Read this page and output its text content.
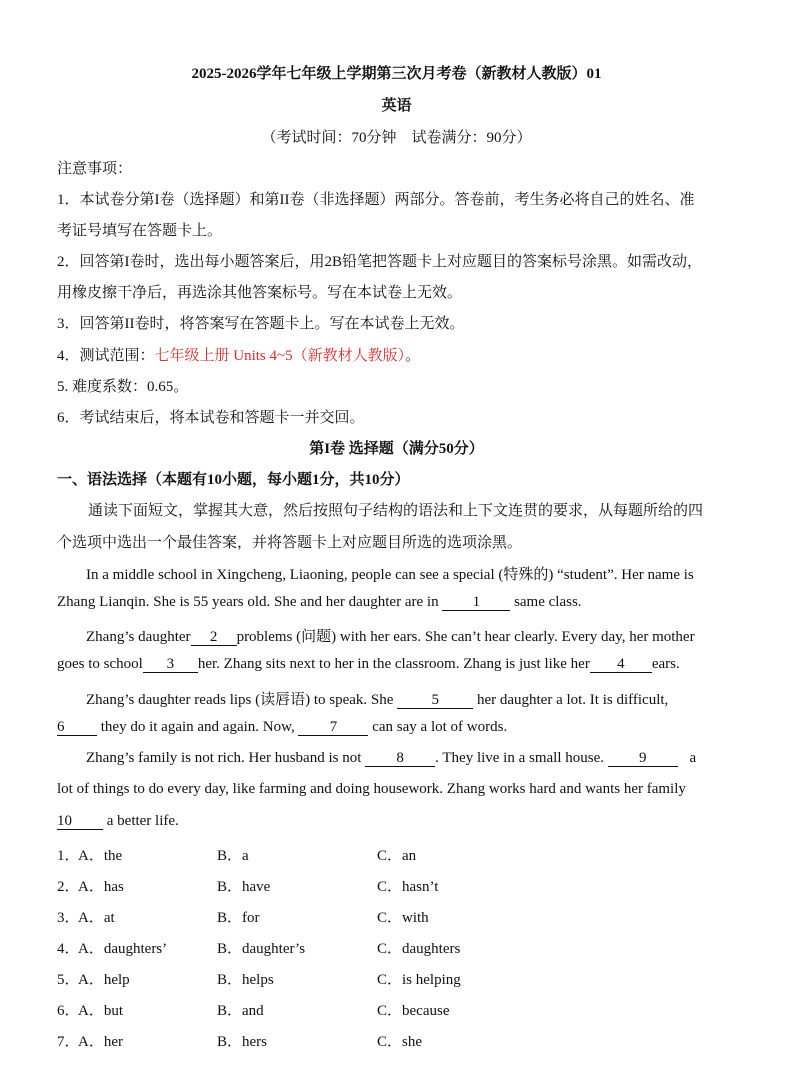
2025-2026学年七年级上学期第三次月考卷（新教材人教版）01
英语
（考试时间：70分钟　试卷满分：90分）
注意事项：
1．本试卷分第I卷（选择题）和第II卷（非选择题）两部分。答卷前，考生务必将自己的姓名、准
考证号填写在答题卡上。
2．回答第I卷时，选出每小题答案后，用2B铅笔把答题卡上对应题目的答案标号涂黑。如需改动，
用橡皮擦干净后，再选涂其他答案标号。写在本试卷上无效。
3．回答第II卷时，将答案写在答题卡上。写在本试卷上无效。
4．测试范围：七年级上册 Units 4~5（新教材人教版）。
5. 难度系数：0.65。
6．考试结束后，将本试卷和答题卡一并交回。
第I卷 选择题（满分50分）
一、语法选择（本题有10小题，每小题1分，共10分）
通读下面短文，掌握其大意，然后按照句子结构的语法和上下文连贯的要求，从每题所给的四
个选项中选出一个最佳答案，并将答题卡上对应题目所选的选项涂黑。
In a middle school in Xingcheng, Liaoning, people can see a special (特殊的) “student”. Her name is
Zhang Lianqin. She is 55 years old. She and her daughter are in 1 same class.
Zhang’s daughter 2 problems (问题) with her ears. She can’t hear clearly. Every day, her mother
goes to school 3 her. Zhang sits next to her in the classroom. Zhang is just like her 4 ears.
Zhang’s daughter reads lips (读唇语) to speak. She 5 her daughter a lot. It is difficult,
6 they do it again and again. Now, 7 can say a lot of words.
Zhang’s family is not rich. Her husband is not 8 . They live in a small house. 9	a
lot of things to do every day, like farming and doing housework. Zhang works hard and wants her family
10 a better life.
1．
A．the	B．a	C．an
2．
A．has	B．have	C．hasn’t
3．
A．at	B．for	C．with
4．
A．daughters’	B．daughter’s	C．daughters
5．
A．help	B．helps	C．is helping
6．
A．but	B．and	C．because
7．
A．her	B．hers	C．she
